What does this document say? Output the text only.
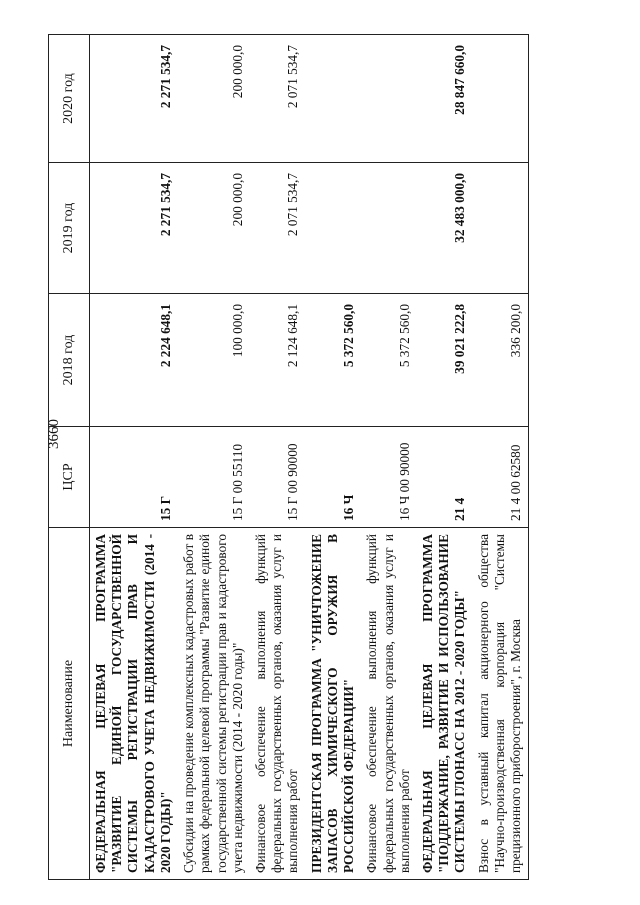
3660
Наименование	ЦСР	2018 год	2019 год	2020 год
ФЕДЕРАЛЬНАЯ ЦЕЛЕВАЯ ПРОГРАММА "РАЗВИТИЕ ЕДИНОЙ ГОСУДАРСТВЕННОЙ СИСТЕМЫ РЕГИСТРАЦИИ ПРАВ И КАДАСТРОВОГО УЧЕТА НЕДВИЖИМОСТИ (2014 - 2020 ГОДЫ)"	15 Г	2 224 648,1	2 271 534,7	2 271 534,7
Субсидии на проведение комплексных кадастровых работ в рамках федеральной целевой программы "Развитие единой государственной системы регистрации прав и кадастрового учета недвижимости (2014 - 2020 годы)"	15 Г 00 55110	100 000,0	200 000,0	200 000,0
Финансовое обеспечение выполнения функций федеральных государственных органов, оказания услуг и выполнения работ	15 Г 00 90000	2 124 648,1	2 071 534,7	2 071 534,7
ПРЕЗИДЕНТСКАЯ ПРОГРАММА "УНИЧТОЖЕНИЕ ЗАПАСОВ ХИМИЧЕСКОГО ОРУЖИЯ В РОССИЙСКОЙ ФЕДЕРАЦИИ"	16 Ч	5 372 560,0		
Финансовое обеспечение выполнения функций федеральных государственных органов, оказания услуг и выполнения работ	16 Ч 00 90000	5 372 560,0		
ФЕДЕРАЛЬНАЯ ЦЕЛЕВАЯ ПРОГРАММА "ПОДДЕРЖАНИЕ, РАЗВИТИЕ И ИСПОЛЬЗОВАНИЕ СИСТЕМЫ ГЛОНАСС НА 2012 - 2020 ГОДЫ"	21 4	39 021 222,8	32 483 000,0	28 847 660,0
Взнос в уставный капитал акционерного общества "Научно-производственная корпорация "Системы прецизионного приборостроения", г. Москва	21 4 00 62580	336 200,0		
